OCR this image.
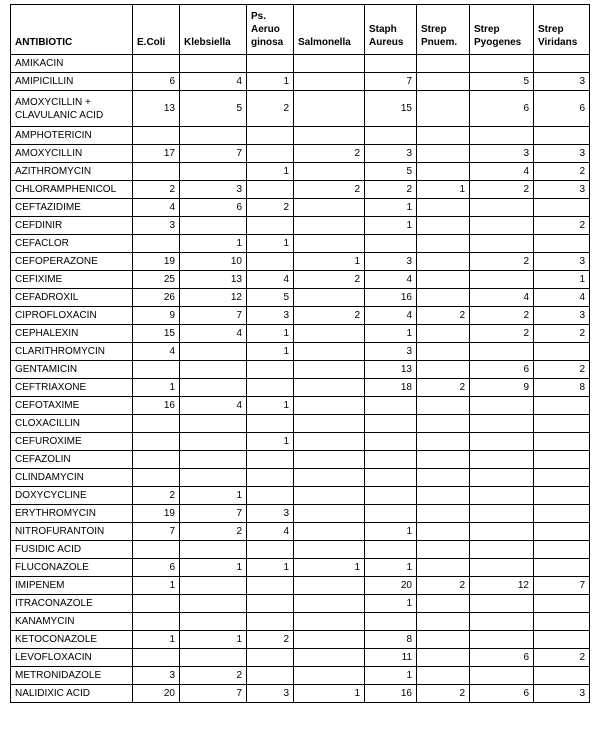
ANTIBIOTIC	E.Coli	Klebsiella	Ps. Aeruo ginosa	Salmonella	Staph Aureus	Strep Pnuem.	Strep Pyogenes	Strep Viridans
AMIKACIN								
AMIPICILLIN	6	4	1		7		5	3
AMOXYCILLIN + CLAVULANIC ACID	13	5	2		15		6	6
AMPHOTERICIN								
AMOXYCILLIN	17	7		2	3		3	3
AZITHROMYCIN			1		5		4	2
CHLORAMPHENICOL	2	3		2	2	1	2	3
CEFTAZIDIME	4	6	2		1			
CEFDINIR	3				1			2
CEFACLOR		1	1					
CEFOPERAZONE	19	10		1	3		2	3
CEFIXIME	25	13	4	2	4			1
CEFADROXIL	26	12	5		16		4	4
CIPROFLOXACIN	9	7	3	2	4	2	2	3
CEPHALEXIN	15	4	1		1		2	2
CLARITHROMYCIN	4		1		3			
GENTAMICIN					13		6	2
CEFTRIAXONE	1				18	2	9	8
CEFOTAXIME	16	4	1					
CLOXACILLIN								
CEFUROXIME			1					
CEFAZOLIN								
CLINDAMYCIN								
DOXYCYCLINE	2	1						
ERYTHROMYCIN	19	7	3					
NITROFURANTOIN	7	2	4		1			
FUSIDIC ACID								
FLUCONAZOLE	6	1	1	1	1			
IMIPENEM	1				20	2	12	7
ITRACONAZOLE					1			
KANAMYCIN								
KETOCONAZOLE	1	1	2		8			
LEVOFLOXACIN					11		6	2
METRONIDAZOLE	3	2			1			
NALIDIXIC ACID	20	7	3	1	16	2	6	3
